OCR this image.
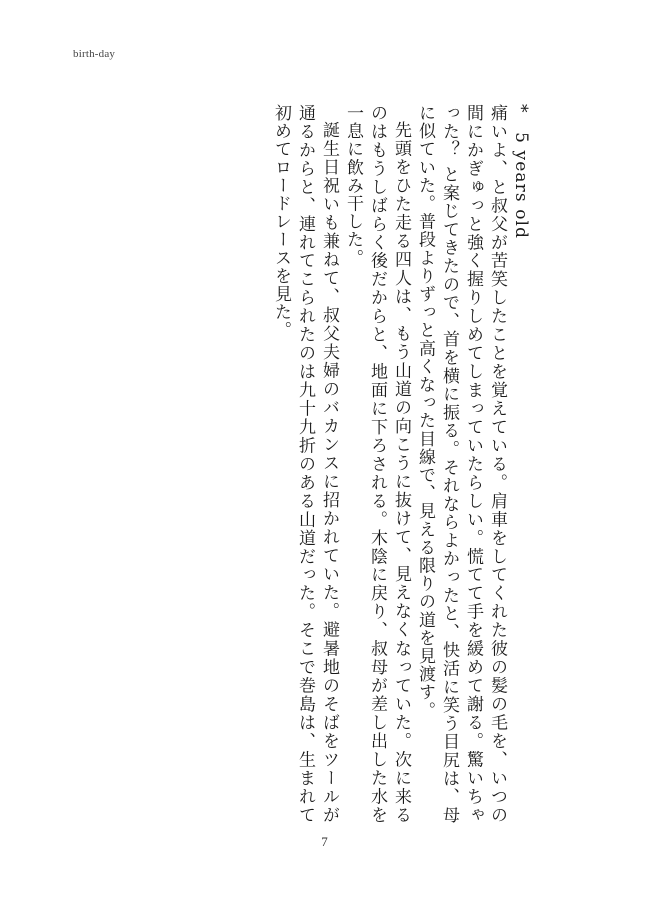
birth-day
* 5 years old

痛いよ、と叔父が苦笑したことを覚えている。肩車をしてくれた彼の髪の毛を、いつの間にかぎゅっと強く握りしめてしまっていたらしい。慌てて手を緩めて謝る。驚いちゃった？ と案じてきたので、首を横に振る。それならよかったと、快活に笑う目尻は、母に似ていた。普段よりずっと高くなった目線で、見える限りの道を見渡す。

先頭をひた走る四人は、もう山道の向こうに抜けて、見えなくなっていた。次に来るのはもうしばらく後だからと、地面に下ろされる。木陰に戻り、叔母が差し出した水を一息に飲み干した。

誕生日祝いも兼ねて、叔父夫婦のバカンスに招かれていた。避暑地のそばをツールが通るからと、連れてこられたのは九十九折のある山道だった。そこで巻島は、生まれて初めてロードレースを見た。

7
